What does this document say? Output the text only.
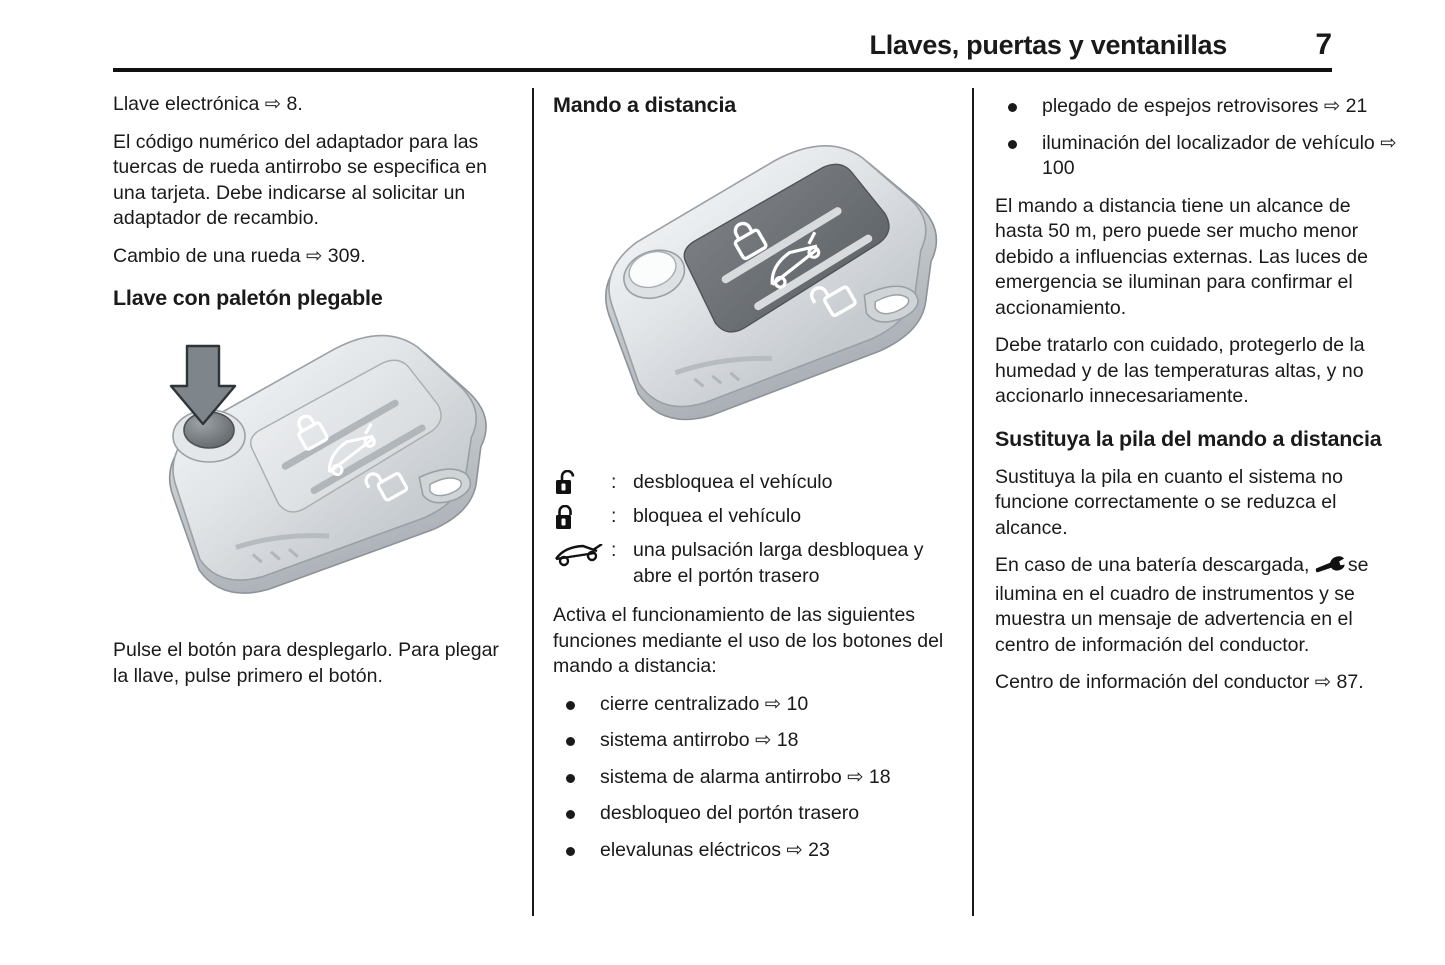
Llaves, puertas y ventanillas	7

Llave electrónica ⇨ 8.

El código numérico del adaptador para las tuercas de rueda antirrobo se especifica en una tarjeta. Debe indicarse al solicitar un adaptador de recambio.

Cambio de una rueda ⇨ 309.

Llave con paletón plegable

Pulse el botón para desplegarlo. Para plegar la llave, pulse primero el botón.

Mando a distancia
	:	desbloquea el vehículo
	:	bloquea el vehículo
	:	una pulsación larga desbloquea y abre el portón trasero

Activa el funcionamiento de las siguientes funciones mediante el uso de los botones del mando a distancia:

cierre centralizado ⇨ 10
sistema antirrobo ⇨ 18
sistema de alarma antirrobo ⇨ 18
desbloqueo del portón trasero
elevalunas eléctricos ⇨ 23
plegado de espejos retrovisores ⇨ 21
iluminación del localizador de vehículo ⇨ 100

El mando a distancia tiene un alcance de hasta 50 m, pero puede ser mucho menor debido a influencias externas. Las luces de emergencia se iluminan para confirmar el accionamiento.

Debe tratarlo con cuidado, protegerlo de la humedad y de las temperaturas altas, y no accionarlo innecesariamente.

Sustituya la pila del mando a distancia

Sustituya la pila en cuanto el sistema no funcione correctamente o se reduzca el alcance.

En caso de una batería descargada, se ilumina en el cuadro de instrumentos y se muestra un mensaje de advertencia en el centro de información del conductor.

Centro de información del conductor ⇨ 87.
